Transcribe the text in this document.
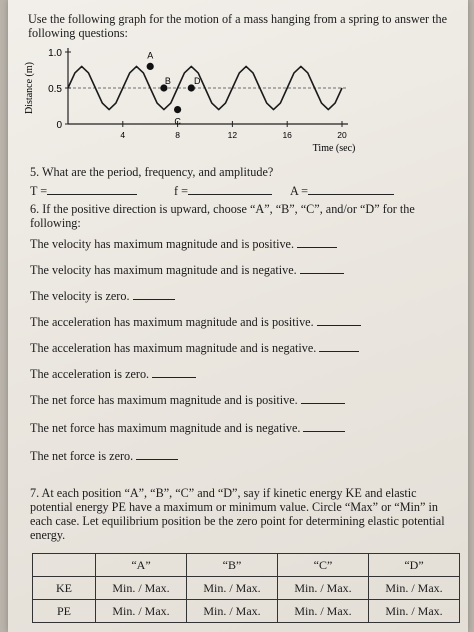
Use the following graph for the motion of a mass hanging from a spring to answer the
following questions:
0
0.5
1.0
4	8	12	16	20
Time (sec)
Distance (m)
A
B
C
D
5. What are the period, frequency, and amplitude?
T =	f =	A =
6. If the positive direction is upward, choose “A”, “B”, “C”, and/or “D” for the
following:
The velocity has maximum magnitude and is positive.
The velocity has maximum magnitude and is negative.
The velocity is zero.
The acceleration has maximum magnitude and is positive.
The acceleration has maximum magnitude and is negative.
The acceleration is zero.
The net force has maximum magnitude and is positive.
The net force has maximum magnitude and is negative.
The net force is zero.
7. At each position “A”, “B”, “C” and “D”, say if kinetic energy KE and elastic
potential energy PE have a maximum or minimum value. Circle “Max” or “Min” in
each case. Let equilibrium position be the zero point for determining elastic potential
energy.
	“A”	“B”	“C”	“D”
KE	Min. / Max.	Min. / Max.	Min. / Max.	Min. / Max.
PE	Min. / Max.	Min. / Max.	Min. / Max.	Min. / Max.
